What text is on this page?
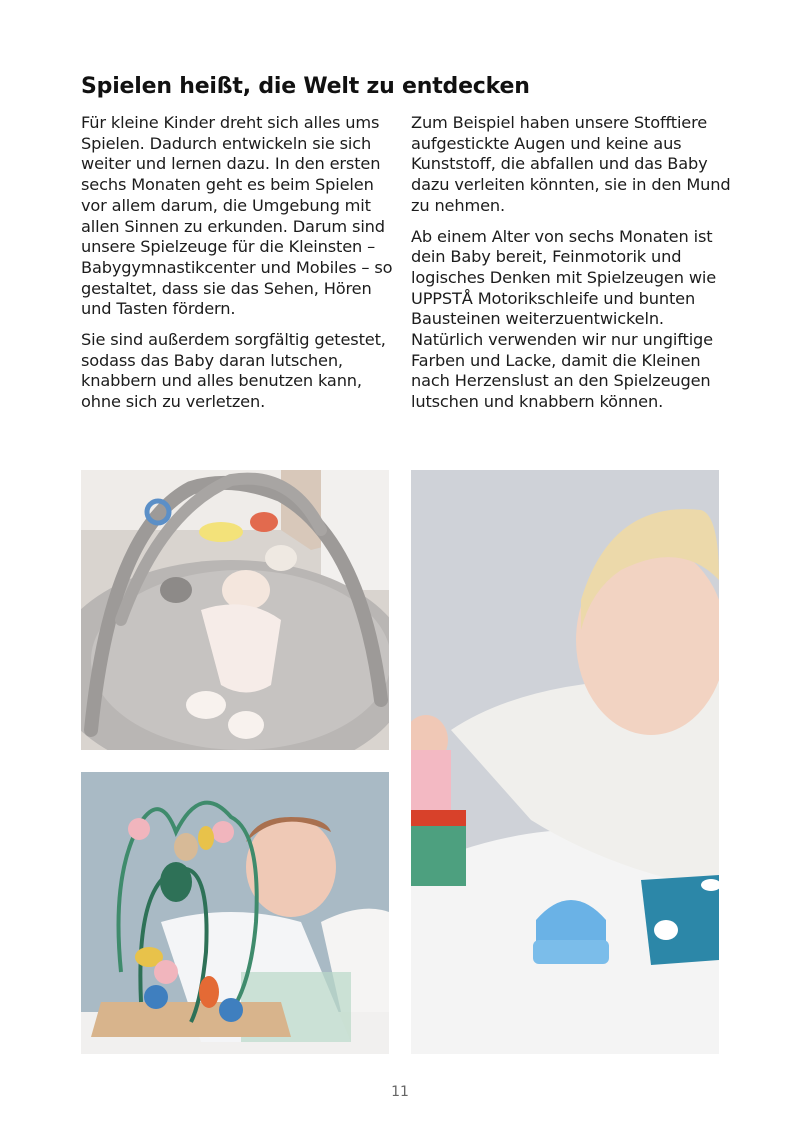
Spielen heißt, die Welt zu entdecken

Für kleine Kinder dreht sich alles ums Spielen. Dadurch entwickeln sie sich weiter und lernen dazu. In den ersten sechs Monaten geht es beim Spielen vor allem darum, die Umgebung mit allen Sinnen zu erkunden. Darum sind unsere Spielzeuge für die Kleinsten – Babygymnastikcenter und Mobiles – so gestaltet, dass sie das Sehen, Hören und Tasten fördern.

Sie sind außerdem sorgfältig getestet, sodass das Baby daran lutschen, knabbern und alles benutzen kann, ohne sich zu verletzen.

Zum Beispiel haben unsere Stofftiere aufgestickte Augen und keine aus Kunststoff, die abfallen und das Baby dazu verleiten könnten, sie in den Mund zu nehmen.

Ab einem Alter von sechs Monaten ist dein Baby bereit, Feinmotorik und logisches Denken mit Spielzeugen wie UPPSTÅ Motorikschleife und bunten Bausteinen weiterzuentwickeln. Natürlich verwenden wir nur ungiftige Farben und Lacke, damit die Kleinen nach Herzenslust an den Spielzeugen lutschen und knabbern können.

11
